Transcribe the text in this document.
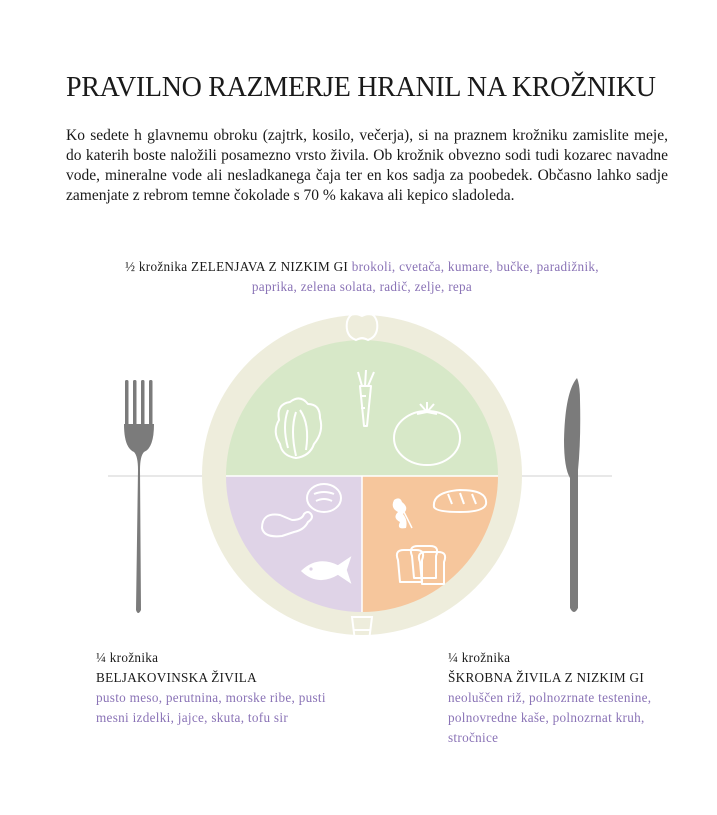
PRAVILNO RAZMERJE HRANIL NA KROŽNIKU

Ko sedete h glavnemu obroku (zajtrk, kosilo, večerja), si na praznem krožniku zamislite meje, do katerih boste naložili posamezno vrsto živila. Ob krožnik obvezno sodi tudi kozarec navadne vode, mineralne vode ali nesladkanega čaja ter en kos sadja za poobedek. Občasno lahko sadje zamenjate z rebrom temne čokolade s 70 % kakava ali kepico sladoleda.

½ krožnika ZELENJAVA Z NIZKIM GI brokoli, cvetača, kumare, bučke, paradižnik, paprika, zelena solata, radič, zelje, repa
¼ krožnika
BELJAKOVINSKA ŽIVILA
pusto meso, perutnina, morske ribe, pusti mesni izdelki, jajce, skuta, tofu sir
¼ krožnika
ŠKROBNA ŽIVILA Z NIZKIM GI
neoluščen riž, polnozrnate testenine, polnovredne kaše, polnozrnat kruh, stročnice
